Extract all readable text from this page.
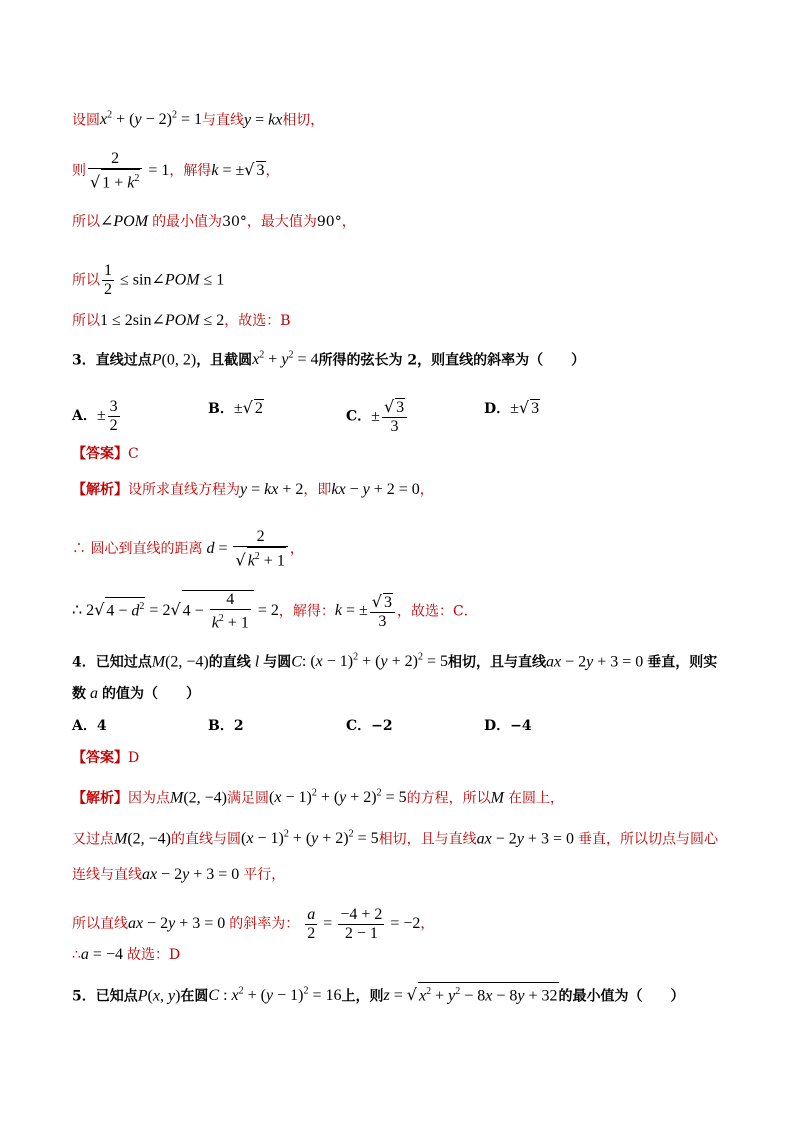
设圆$x^2 + (y - 2)^2 = 1$与直线y = kx相切，
则 $\frac{2}{√ 1 + k^2} = 1$，解得k = ±√ 3，
所以∠POM 的最小值为30°，最大值为90°，
所以 $\frac{1}{2}$ ≤ sin∠POM ≤ 1
所以1 ≤ 2sin∠POM ≤ 2，故选：B
3．直线过点P(0, 2)，且截圆$x^2 + y^2 = 4$所得的弦长为 2，则直线的斜率为（　　）
A．± $\frac{3}{2}$	B．±√ 2	C．± $\frac{√ 3}{3}$	D．±√ 3
【答案】C
【解析】设所求直线方程为y = kx + 2，即kx − y + 2 = 0，
∴ 圆心到直线的距离 $d = \frac{2}{√ k^2 + 1}$ ，
∴ 2√ $4 - d^2 = 2√$ $4 - \frac{4}{k^2 + 1} = 2$，解得：k = ± $\frac{√ 3}{3}$ ，故选：C．
4．已知过点M(2, −4)的直线 l 与圆C: $(x - 1)^2 + (y + 2)^2 = 5$相切，且与直线ax − 2y + 3 = 0 垂直，则实
数 a 的值为（　　）
A．4	B．2	C．−2	D．−4
【答案】D
【解析】因为点M(2, −4)满足圆$(x - 1)^2 + (y + 2)^2 = 5$的方程，所以M 在圆上，
又过点M(2, −4)的直线与圆$(x - 1)^2 + (y + 2)^2 = 5$相切，且与直线ax − 2y + 3 = 0 垂直，所以切点与圆心
连线与直线ax − 2y + 3 = 0 平行，
所以直线ax − 2y + 3 = 0 的斜率为： $\frac{a}{2} = \frac{-4 + 2}{2 - 1} = -2$，
∴a = −4 故选：D
5．已知点P(x, y)在圆C : $x^2 + (y - 1)^2 = 16$上，则z = √ $x^2 + y^2 - 8x - 8y + 32$的最小值为（　　）
